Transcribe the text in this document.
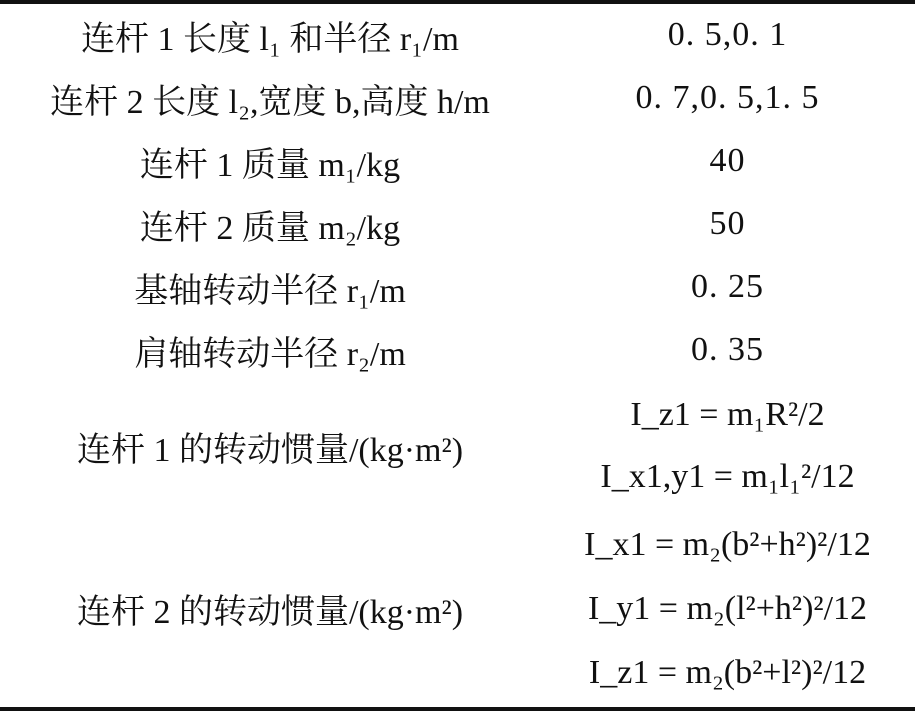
连杆 1 长度 l₁ 和半径 r₁/m	0. 5,0. 1
连杆 2 长度 l₂,宽度 b,高度 h/m	0. 7,0. 5,1. 5
连杆 1 质量 m₁/kg	40
连杆 2 质量 m₂/kg	50
基轴转动半径 r₁/m	0. 25
肩轴转动半径 r₂/m	0. 35
连杆 1 的转动惯量/(kg·m²)	I_z1 = m₁R²/2
I_x1,y1 = m₁l₁²/12

连杆 2 的转动惯量/(kg·m²)	I_x1 = m₂(b²+h²)²/12
I_y1 = m₂(l²+h²)²/12
I_z1 = m₂(b²+l²)²/12
